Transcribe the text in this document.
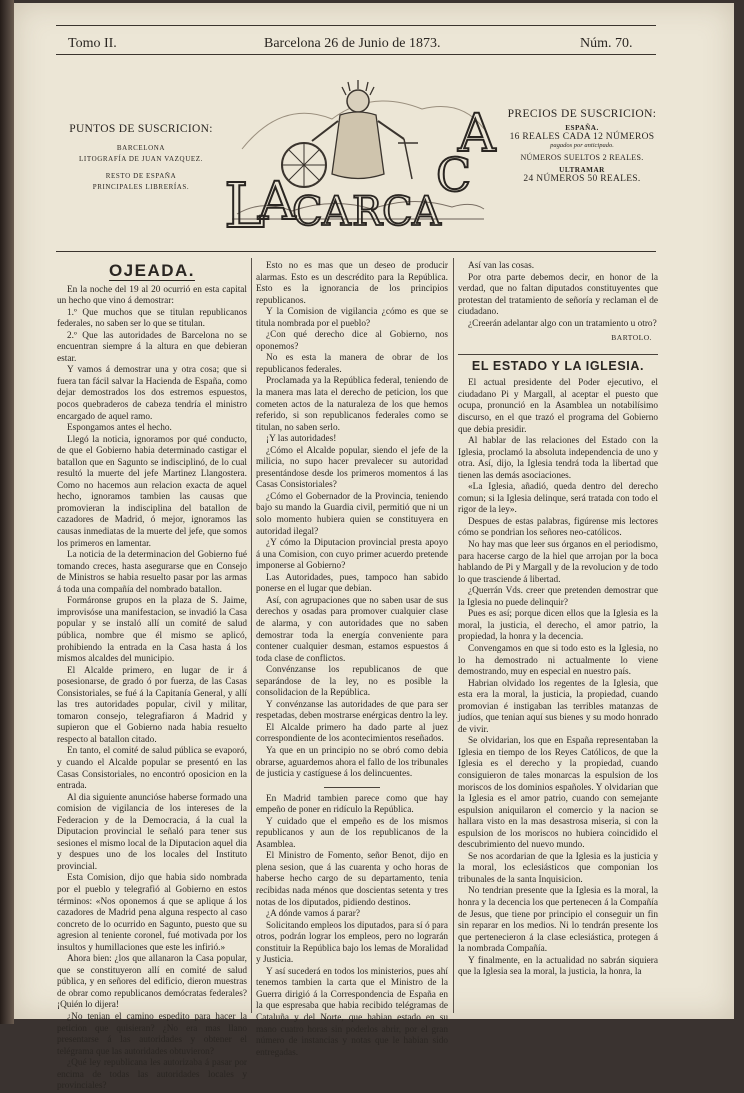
Tomo II.	Barcelona 26 de Junio de 1873.	Núm. 70.
PUNTOS DE SUSCRICION:
BARCELONA
LITOGRAFÍA DE JUAN VAZQUEZ.
RESTO DE ESPAÑA
PRINCIPALES LIBRERÍAS. L
A
C A R C A
C
A	PRECIOS DE SUSCRICION:
ESPAÑA.
16 REALES CADA 12 NÚMEROS
pagados por anticipado.
NÚMEROS SUELTOS 2 REALES.
ULTRAMAR
24 NÚMEROS 50 REALES.
OJEADA.

En la noche del 19 al 20 ocurrió en esta capital un hecho que vino á demostrar:

1.º Que muchos que se titulan republicanos federales, no saben ser lo que se titulan.

2.º Que las autoridades de Barcelona no se encuentran siempre á la altura en que debieran estar.

Y vamos á demostrar una y otra cosa; que si fuera tan fácil salvar la Hacienda de España, como dejar demostrados los dos estremos espuestos, pocos quebraderos de cabeza tendría el ministro encargado de aquel ramo.

Espongamos antes el hecho.

Llegó la noticia, ignoramos por qué conducto, de que el Gobierno habia determinado castigar el batallon que en Sagunto se indisciplinó, de lo cual resultó la muerte del jefe Martinez Llangostera. Como no hacemos aun relacion exacta de aquel hecho, ignoramos tambien las causas que promovieran la indisciplina del batallon de cazadores de Madrid, ó mejor, ignoramos las causas inmediatas de la muerte del jefe, que somos los primeros en lamentar.

La noticia de la determinacion del Gobierno fué tomando creces, hasta asegurarse que en Consejo de Ministros se habia resuelto pasar por las armas á toda una compañía del nombrado batallon.

Formáronse grupos en la plaza de S. Jaime, improvisóse una manifestacion, se invadió la Casa popular y se instaló allí un comité de salud pública, nombre que él mismo se aplicó, prohibiendo la entrada en la Casa hasta á los mismos alcaldes del municipio.

El Alcalde primero, en lugar de ir á posesionarse, de grado ó por fuerza, de las Casas Consistoriales, se fué á la Capitanía General, y allí las tres autoridades popular, civil y militar, tomaron consejo, telegrafiaron á Madrid y supieron que el Gobierno nada habia resuelto respecto al batallon citado.

En tanto, el comité de salud pública se evaporó, y cuando el Alcalde popular se presentó en las Casas Consistoriales, no encontró oposicion en la entrada.

Al dia siguiente anuncióse haberse formado una comision de vigilancia de los intereses de la Federacion y de la Democracia, á la cual la Diputacion provincial le señaló para tener sus sesiones el mismo local de la Diputacion aquel dia y despues uno de los locales del Instituto provincial.

Esta Comision, dijo que habia sido nombrada por el pueblo y telegrafió al Gobierno en estos términos: «Nos oponemos á que se aplique á los cazadores de Madrid pena alguna respecto al caso concreto de lo ocurrido en Sagunto, puesto que su agresion al teniente coronel, fué motivada por los insultos y humillaciones que este les infirió.»

Ahora bien: ¿los que allanaron la Casa popular, que se constituyeron allí en comité de salud pública, y en señores del edificio, dieron muestras de obrar como republicanos demócratas federales? ¡Quién lo dijera!

¿No tenian el camino espedito para hacer la peticion que quisieran? ¿No era mas llano presentarse á las autoridades y obtener el telégrama que las autoridades obtuvieron?

¿Qué ley republicana les autorizaba á pasar por encima de todas las autoridades locales y provinciales?

Esto no es mas que un deseo de producir alarmas. Esto es un descrédito para la República. Esto es la ignorancia de los principios republicanos.

Y la Comision de vigilancia ¿cómo es que se titula nombrada por el pueblo?

¿Con qué derecho dice al Gobierno, nos oponemos?

No es esta la manera de obrar de los republicanos federales.

Proclamada ya la República federal, teniendo de la manera mas lata el derecho de peticion, los que cometen actos de la naturaleza de los que hemos referido, si son republicanos federales como se titulan, no saben serlo.

¡Y las autoridades!

¿Cómo el Alcalde popular, siendo el jefe de la milicia, no supo hacer prevalecer su autoridad presentándose desde los primeros momentos á las Casas Consistoriales?

¿Cómo el Gobernador de la Provincia, teniendo bajo su mando la Guardia civil, permitió que ni un solo momento hubiera quien se constituyera en autoridad ilegal?

¿Y cómo la Diputacion provincial presta apoyo á una Comision, con cuyo primer acuerdo pretende imponerse al Gobierno?

Las Autoridades, pues, tampoco han sabido ponerse en el lugar que debian.

Así, con agrupaciones que no saben usar de sus derechos y osadas para promover cualquier clase de alarma, y con autoridades que no saben demostrar toda la energía conveniente para contener cualquier desman, estamos espuestos á toda clase de conflictos.

Convénzanse los republicanos de que separándose de la ley, no es posible la consolidacion de la República.

Y convénzanse las autoridades de que para ser respetadas, deben mostrarse enérgicas dentro la ley.

El Alcalde primero ha dado parte al juez correspondiente de los acontecimientos reseñados.

Ya que en un principio no se obró como debia obrarse, aguardemos ahora el fallo de los tribunales de justicia y castíguese á los delincuentes.

En Madrid tambien parece como que hay empeño de poner en ridículo la República.

Y cuidado que el empeño es de los mismos republicanos y aun de los republicanos de la Asamblea.

El Ministro de Fomento, señor Benot, dijo en plena sesion, que á las cuarenta y ocho horas de haberse hecho cargo de su departamento, tenia recibidas nada ménos que doscientas setenta y tres notas de los diputados, pidiendo destinos.

¿A dónde vamos á parar?

Solicitando empleos los diputados, para sí ó para otros, podrán lograr los empleos, pero no lograrán constituir la República bajo los lemas de Moralidad y Justicia.

Y así sucederá en todos los ministerios, pues ahí tenemos tambien la carta que el Ministro de la Guerra dirigió á la Correspondencia de España en la que espresaba que habia recibido telégramas de Cataluña y del Norte, que habian estado en su mano cuatro horas sin poderlos abrir, por el gran número de instancias y notas que le habian sido entregadas.

Así van las cosas.

Por otra parte debemos decir, en honor de la verdad, que no faltan diputados constituyentes que protestan del tratamiento de señoría y reclaman el de ciudadano.

¿Creerán adelantar algo con un tratamiento u otro?

BARTOLO.
EL ESTADO Y LA IGLESIA.

El actual presidente del Poder ejecutivo, el ciudadano Pi y Margall, al aceptar el puesto que ocupa, pronunció en la Asamblea un notabilísimo discurso, en el que trazó el programa del Gobierno que debia presidir.

Al hablar de las relaciones del Estado con la Iglesia, proclamó la absoluta independencia de uno y otra. Así, dijo, la Iglesia tendrá toda la libertad que tienen las demás asociaciones.

«La Iglesia, añadió, queda dentro del derecho comun; si la Iglesia delinque, será tratada con todo el rigor de la ley».

Despues de estas palabras, figúrense mis lectores cómo se pondrian los señores neo-católicos.

No hay mas que leer sus órganos en el periodismo, para hacerse cargo de la hiel que arrojan por la boca hablando de Pi y Margall y de la revolucion y de todo lo que trasciende á libertad.

¿Querrán Vds. creer que pretenden demostrar que la Iglesia no puede delinquir?

Pues es así; porque dicen ellos que la Iglesia es la moral, la justicia, el derecho, el amor patrio, la propiedad, la honra y la decencia.

Convengamos en que si todo esto es la Iglesia, no lo ha demostrado ni actualmente lo viene demostrando, muy en especial en nuestro país.

Habrian olvidado los regentes de la Iglesia, que esta era la moral, la justicia, la propiedad, cuando promovian é instigaban las terribles matanzas de judíos, que tenian aquí sus bienes y su modo honrado de vivir.

Se olvidarian, los que en España representaban la Iglesia en tiempo de los Reyes Católicos, de que la Iglesia es el derecho y la propiedad, cuando consiguieron de tales monarcas la espulsion de los moriscos de los dominios españoles. Y olvidarian que la Iglesia es el amor patrio, cuando con semejante espulsion aniquilaron el comercio y la nacion se hallara visto en la mas desastrosa miseria, si con la espulsion de los moriscos no hubiera coincidido el descubrimiento del nuevo mundo.

Se nos acordarian de que la Iglesia es la justicia y la moral, los eclesiásticos que componian los tribunales de la santa Inquisicion.

No tendrian presente que la Iglesia es la moral, la honra y la decencia los que pertenecen á la Compañía de Jesus, que tiene por principio el conseguir un fin sin reparar en los medios. Ni lo tendrán presente los que pertenecieron á la clase eclesiástica, protegen á la nombrada Compañía.

Y finalmente, en la actualidad no sabrán siquiera que la Iglesia sea la moral, la justicia, la honra, la
